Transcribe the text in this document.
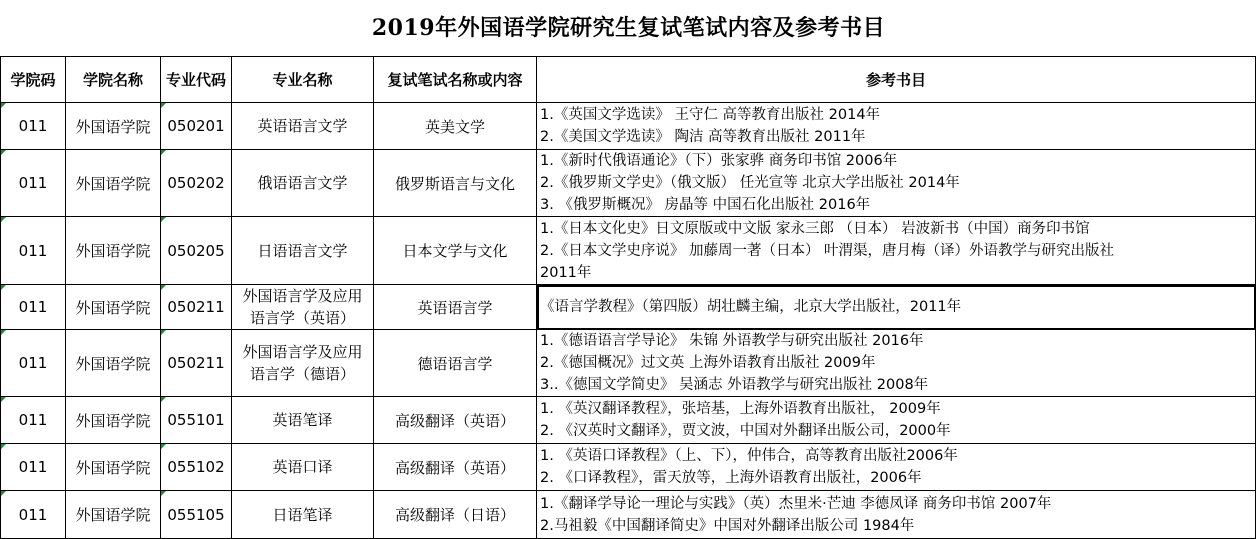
2019年外国语学院研究生复试笔试内容及参考书目
学院码	学院名称	专业代码	专业名称	复试笔试名称或内容	参考书目
011	外国语学院	050201	英语语言文学	英美文学	1.《英国文学选读》 王守仁 高等教育出版社 2014年
2.《美国文学选读》 陶洁 高等教育出版社 2011年

011	外国语学院	050202	俄语语言文学	俄罗斯语言与文化	1.《新时代俄语通论》（下）张家骅 商务印书馆 2006年
2.《俄罗斯文学史》（俄文版） 任光宣等 北京大学出版社 2014年
3. 《俄罗斯概况》 房晶等 中国石化出版社 2016年

011	外国语学院	050205	日语语言文学	日本文学与文化	1.《日本文化史》日文原版或中文版 家永三郎 （日本） 岩波新书（中国）商务印书馆
2.《日本文学史序说》 加藤周一著（日本） 叶渭渠，唐月梅（译）外语教学与研究出版社
2011年

011	外国语学院	050211	外国语言学及应用
语言学（英语）	英语语言学	《语言学教程》（第四版）胡壮麟主编，北京大学出版社，2011年

011	外国语学院	050211	外国语言学及应用
语言学（德语）	德语语言学	1.《德语语言学导论》 朱锦 外语教学与研究出版社 2016年
2.《德国概况》过文英 上海外语教育出版社 2009年
3..《德国文学简史》 吴涵志 外语教学与研究出版社 2008年

011	外国语学院	055101	英语笔译	高级翻译（英语）	1. 《英汉翻译教程》，张培基，上海外语教育出版社， 2009年
2. 《汉英时文翻译》，贾文波，中国对外翻译出版公司，2000年

011	外国语学院	055102	英语口译	高级翻译（英语）	1. 《英语口译教程》（上、下），仲伟合，高等教育出版社2006年
2. 《口译教程》，雷天放等，上海外语教育出版社，2006年

011	外国语学院	055105	日语笔译	高级翻译（日语）	1.《翻译学导论一理论与实践》（英）杰里米·芒迪 李德凤译 商务印书馆 2007年
2.马祖毅《中国翻译简史》中国对外翻译出版公司 1984年
